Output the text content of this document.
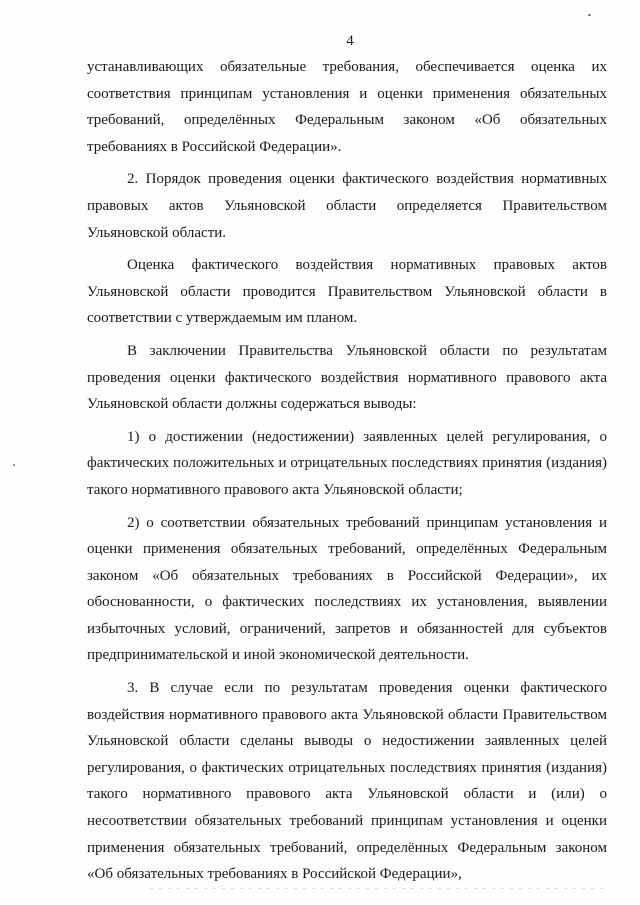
4

устанавливающих обязательные требования, обеспечивается оценка их соответствия принципам установления и оценки применения обязательных требований, определённых Федеральным законом «Об обязательных требованиях в Российской Федерации».

2. Порядок проведения оценки фактического воздействия нормативных правовых актов Ульяновской области определяется Правительством Ульяновской области.

Оценка фактического воздействия нормативных правовых актов Ульяновской области проводится Правительством Ульяновской области в соответствии с утверждаемым им планом.

В заключении Правительства Ульяновской области по результатам проведения оценки фактического воздействия нормативного правового акта Ульяновской области должны содержаться выводы:

1) о достижении (недостижении) заявленных целей регулирования, о фактических положительных и отрицательных последствиях принятия (издания) такого нормативного правового акта Ульяновской области;

2) о соответствии обязательных требований принципам установления и оценки применения обязательных требований, определённых Федеральным законом «Об обязательных требованиях в Российской Федерации», их обоснованности, о фактических последствиях их установления, выявлении избыточных условий, ограничений, запретов и обязанностей для субъектов предпринимательской и иной экономической деятельности.

3. В случае если по результатам проведения оценки фактического воздействия нормативного правового акта Ульяновской области Правительством Ульяновской области сделаны выводы о недостижении заявленных целей регулирования, о фактических отрицательных последствиях принятия (издания) такого нормативного правового акта Ульяновской области и (или) о несоответствии обязательных требований принципам установления и оценки применения обязательных требований, определённых Федеральным законом «Об обязательных требованиях в Российской Федерации»,
